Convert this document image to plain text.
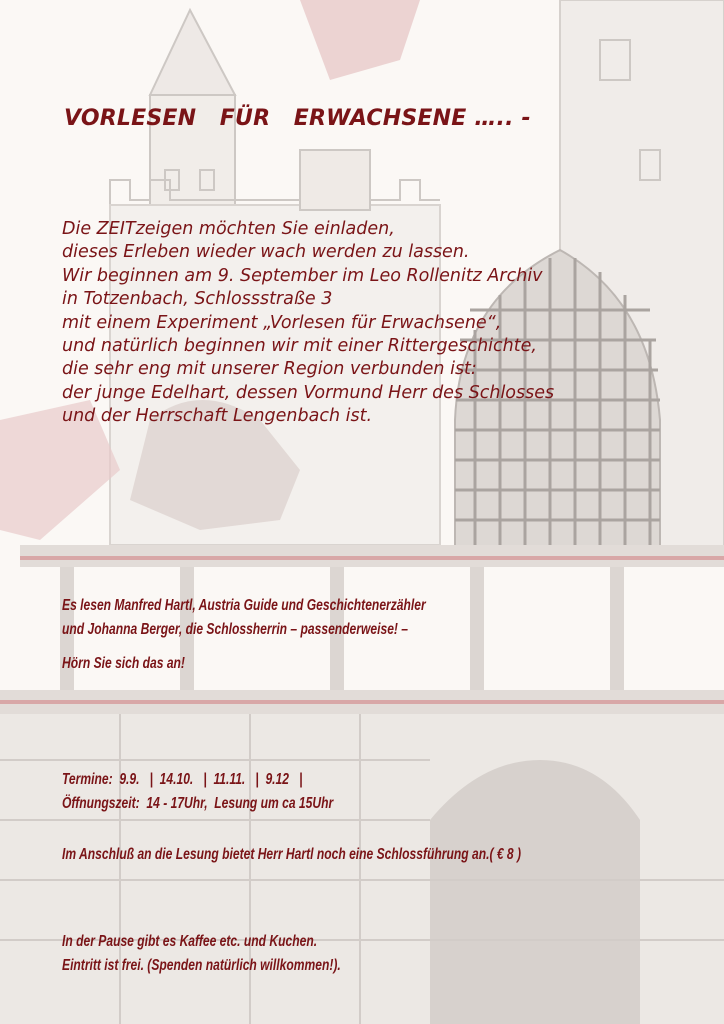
VORLESEN   FÜR   ERWACHSENE ….. -
Die ZEITzeigen möchten Sie einladen,
dieses Erleben wieder wach werden zu lassen.
Wir beginnen am 9. September im Leo Rollenitz Archiv
in Totzenbach, Schlossstraße 3
mit einem Experiment „Vorlesen für Erwachsene“,
und natürlich beginnen wir mit einer Rittergeschichte,
die sehr eng mit unserer Region verbunden ist:
der junge Edelhart, dessen Vormund Herr des Schlosses
und der Herrschaft Lengenbach ist.
Es lesen Manfred Hartl, Austria Guide und Geschichtenerzähler
und Johanna Berger, die Schlossherrin – passenderweise! –
Hörn Sie sich das an!
Termine:  9.9.   |  14.10.   |  11.11.   |  9.12   |
Öffnungszeit:  14 - 17Uhr,  Lesung um ca 15Uhr
Im Anschluß an die Lesung bietet Herr Hartl noch eine Schlossführung an.( € 8 )
In der Pause gibt es Kaffee etc. und Kuchen.
Eintritt ist frei. (Spenden natürlich willkommen!).
